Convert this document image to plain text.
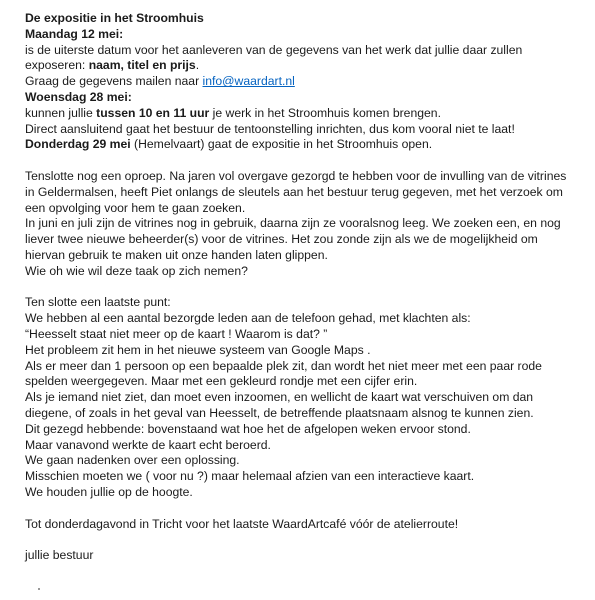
De expositie in het Stroomhuis
Maandag 12 mei:
is de uiterste datum voor het aanleveren van de gegevens van het werk dat jullie daar zullen
exposeren: naam, titel en prijs.
Graag de gegevens mailen naar info@waardart.nl
Woensdag 28 mei:
kunnen jullie tussen 10 en 11 uur je werk in het Stroomhuis komen brengen.
Direct aansluitend gaat het bestuur de tentoonstelling inrichten, dus kom vooral niet te laat!
Donderdag 29 mei (Hemelvaart) gaat de expositie in het Stroomhuis open.
Tenslotte nog een oproep. Na jaren vol overgave gezorgd te hebben voor de invulling van de vitrines
in Geldermalsen, heeft Piet onlangs de sleutels aan het bestuur terug gegeven, met het verzoek om
een opvolging voor hem te gaan zoeken.
In juni en juli zijn de vitrines nog in gebruik, daarna zijn ze vooralsnog leeg. We zoeken een, en nog
liever twee nieuwe beheerder(s) voor de vitrines. Het zou zonde zijn als we de mogelijkheid om
hiervan gebruik te maken uit onze handen laten glippen.
Wie oh wie wil deze taak op zich nemen?
Ten slotte een laatste punt:
We hebben al een aantal bezorgde leden aan de telefoon gehad, met klachten als:
“Heesselt staat niet meer op de kaart ! Waarom is dat? ”
Het probleem zit hem in het nieuwe systeem van Google Maps .
Als er meer dan 1 persoon op een bepaalde plek zit, dan wordt het niet meer met een paar rode
spelden weergegeven. Maar met een gekleurd rondje met een cijfer erin.
Als je iemand niet ziet, dan moet even inzoomen, en wellicht de kaart wat verschuiven om dan
diegene, of zoals in het geval van Heesselt, de betreffende plaatsnaam alsnog te kunnen zien.
Dit gezegd hebbende: bovenstaand wat hoe het de afgelopen weken ervoor stond.
Maar vanavond werkte de kaart echt beroerd.
We gaan nadenken over een oplossing.
Misschien moeten we ( voor nu ?) maar helemaal afzien van een interactieve kaart.
We houden jullie op de hoogte.
Tot donderdagavond in Tricht voor het laatste WaardArtcafé vóór de atelierroute!
jullie bestuur
